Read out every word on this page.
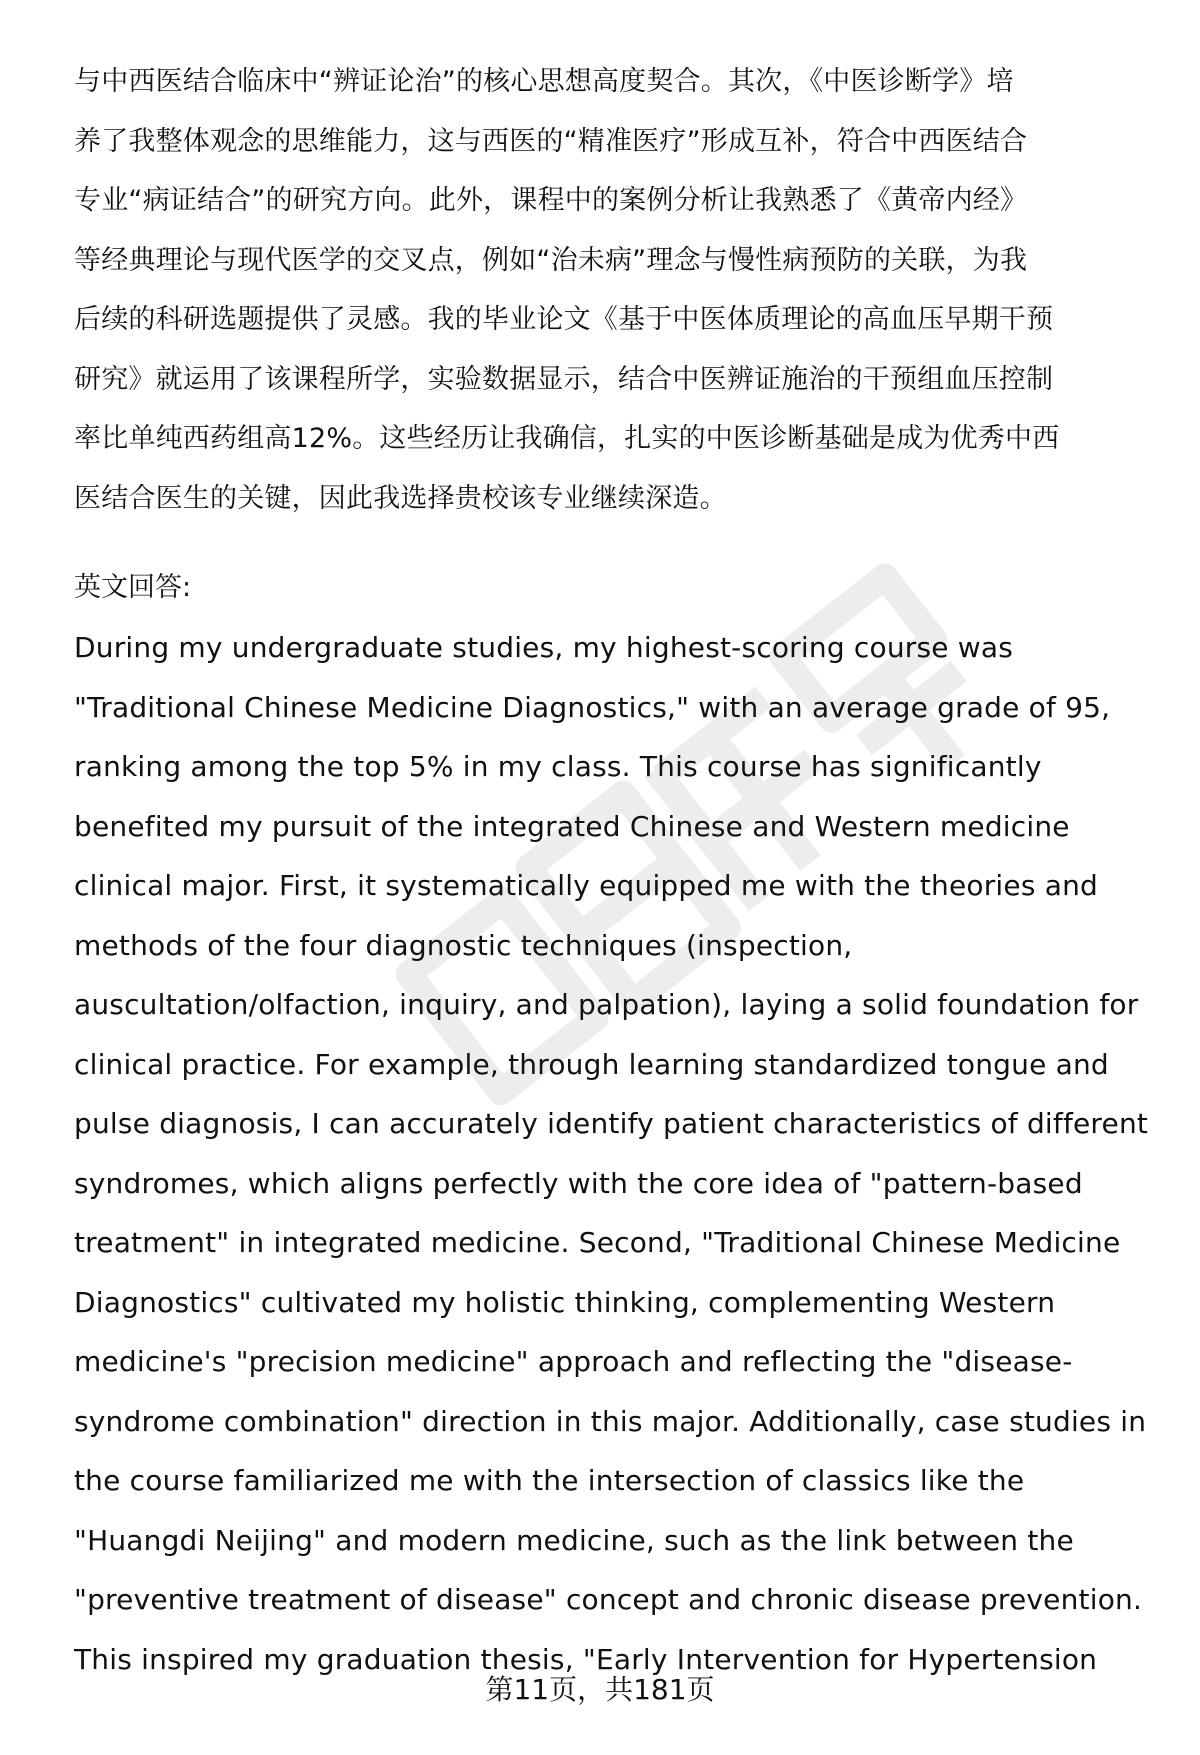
与中西医结合临床中“辨证论治”的核心思想高度契合。其次，《中医诊断学》培
养了我整体观念的思维能力，这与西医的“精准医疗”形成互补，符合中西医结合
专业“病证结合”的研究方向。此外，课程中的案例分析让我熟悉了《黄帝内经》
等经典理论与现代医学的交叉点，例如“治未病”理念与慢性病预防的关联，为我
后续的科研选题提供了灵感。我的毕业论文《基于中医体质理论的高血压早期干预
研究》就运用了该课程所学，实验数据显示，结合中医辨证施治的干预组血压控制
率比单纯西药组高12%。这些经历让我确信，扎实的中医诊断基础是成为优秀中西
医结合医生的关键，因此我选择贵校该专业继续深造。
英文回答:
During my undergraduate studies, my highest-scoring course was
"Traditional Chinese Medicine Diagnostics," with an average grade of 95,
ranking among the top 5% in my class. This course has significantly
benefited my pursuit of the integrated Chinese and Western medicine
clinical major. First, it systematically equipped me with the theories and
methods of the four diagnostic techniques (inspection,
auscultation/olfaction, inquiry, and palpation), laying a solid foundation for
clinical practice. For example, through learning standardized tongue and
pulse diagnosis, I can accurately identify patient characteristics of different
syndromes, which aligns perfectly with the core idea of "pattern-based
treatment" in integrated medicine. Second, "Traditional Chinese Medicine
Diagnostics" cultivated my holistic thinking, complementing Western
medicine's "precision medicine" approach and reflecting the "disease-
syndrome combination" direction in this major. Additionally, case studies in
the course familiarized me with the intersection of classics like the
"Huangdi Neijing" and modern medicine, such as the link between the
"preventive treatment of disease" concept and chronic disease prevention.
This inspired my graduation thesis, "Early Intervention for Hypertension
第11页，共181页
